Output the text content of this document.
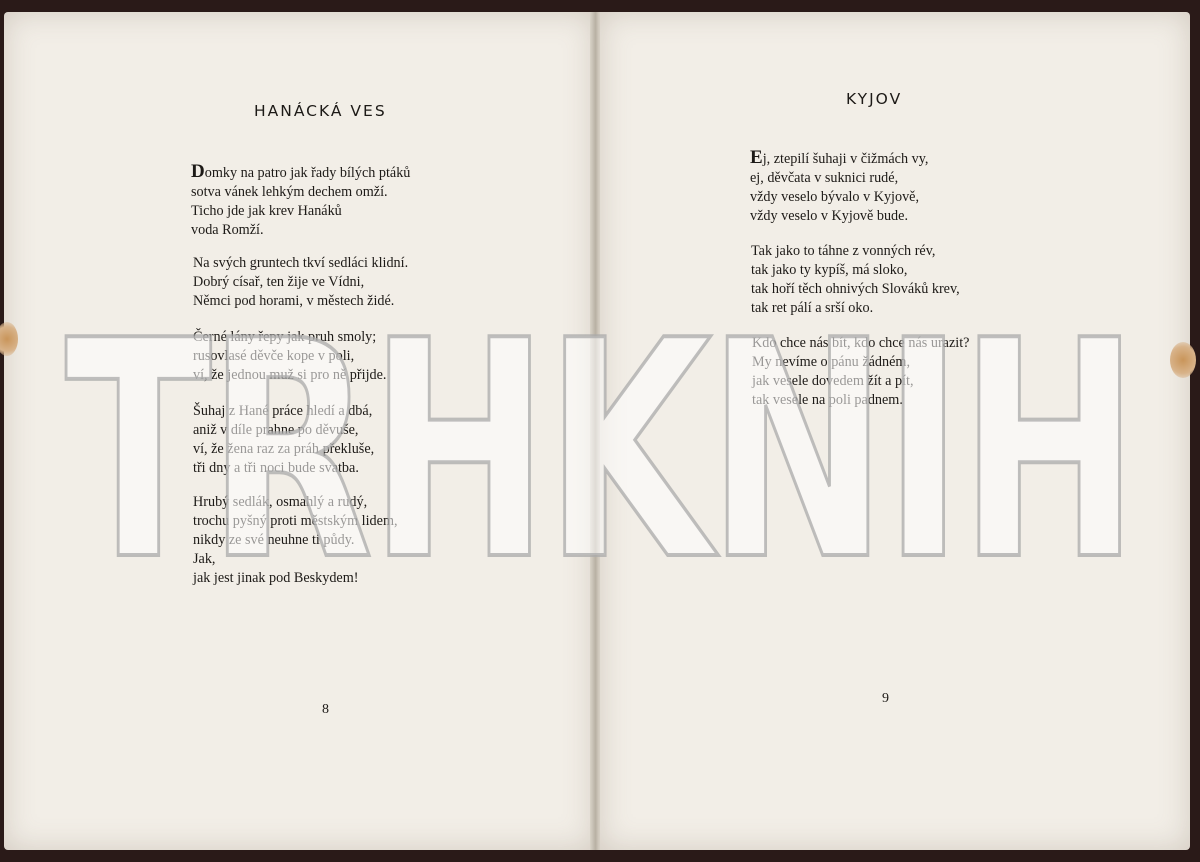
HANÁCKÁ VES
Domky na patro jak řady bílých ptáků
sotva vánek lehkým dechem omží.
Ticho jde jak krev Hanáků
voda Romží.
Na svých gruntech tkví sedláci klidní.
Dobrý císař, ten žije ve Vídni,
Němci pod horami, v městech židé.
Černé lány řepy jak pruh smoly;
rusovlasé děvče kope v poli,
ví, že jednou muž si pro ně přijde.
Šuhaj z Hané práce hledí a dbá,
aniž v díle prahne po děvuše,
ví, že žena raz za práh překluše,
tři dny a tři noci bude svatba.
Hrubý sedlák, osmahlý a rudý,
trochu pyšný proti městským lidem,
nikdy ze své neuhne ti půdy.
Jak,
jak jest jinak pod Beskydem!
8
KYJOV
Ej, ztepilí šuhaji v čižmách vy,
ej, děvčata v suknici rudé,
vždy veselo bývalo v Kyjově,
vždy veselo v Kyjově bude.
Tak jako to táhne z vonných rév,
tak jako ty kypíš, má sloko,
tak hoří těch ohnivých Slováků krev,
tak ret pálí a srší oko.
Kdo chce nás bít, kdo chce nás urazit?
My nevíme o pánu žádném,
jak vesele dovedem žít a pít,
tak vesele na poli padnem.
9
TRHKNIH
